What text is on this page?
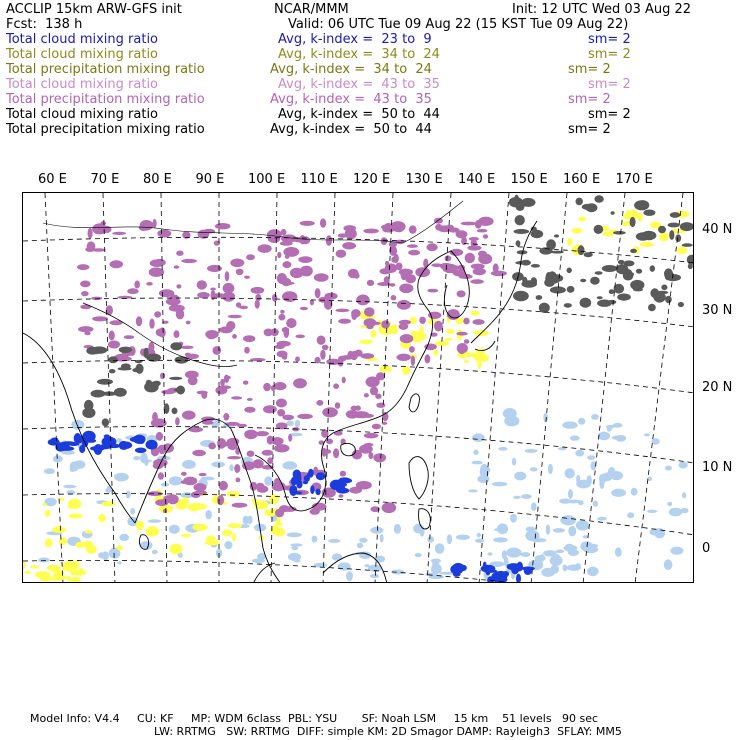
ACCLIP 15km ARW-GFS init	NCAR/MMM	Init: 12 UTC Wed 03 Aug 22
Fcst:  138 h	Valid: 06 UTC Tue 09 Aug 22 (15 KST Tue 09 Aug 22)
Total cloud mixing ratio	Avg, k-index =  23 to  9	sm= 2
Total cloud mixing ratio	Avg, k-index =  34 to  24	sm= 2
Total precipitation mixing ratio	Avg, k-index =  34 to  24	sm= 2
Total cloud mixing ratio	Avg, k-index =  43 to  35	sm= 2
Total precipitation mixing ratio	Avg, k-index =  43 to  35	sm= 2
Total cloud mixing ratio	Avg, k-index =  50 to  44	sm= 2
Total precipitation mixing ratio	Avg, k-index =  50 to  44	sm= 2
60 E 70 E 80 E 90 E 100 E 110 E 120 E 130 E 140 E 150 E 160 E 170 E
40 N
30 N
20 N
10 N
0
Model Info: V4.4     CU: KF     MP: WDM 6class  PBL: YSU       SF: Noah LSM     15 km    51 levels   90 sec
LW: RRTMG   SW: RRTMG  DIFF: simple KM: 2D Smagor DAMP: Rayleigh3  SFLAY: MM5
